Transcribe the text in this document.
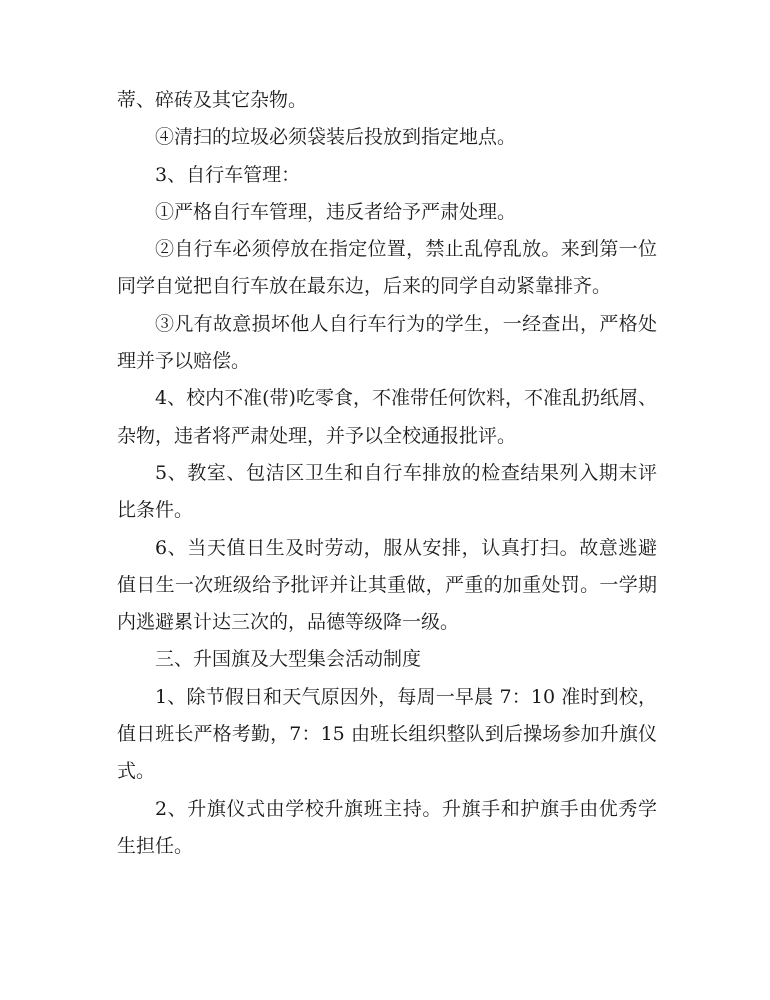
蒂、碎砖及其它杂物。

④清扫的垃圾必须袋装后投放到指定地点。

3、自行车管理：

①严格自行车管理，违反者给予严肃处理。

②自行车必须停放在指定位置，禁止乱停乱放。来到第一位同学自觉把自行车放在最东边，后来的同学自动紧靠排齐。

③凡有故意损坏他人自行车行为的学生，一经查出，严格处理并予以赔偿。

4、校内不准(带)吃零食，不准带任何饮料，不准乱扔纸屑、杂物，违者将严肃处理，并予以全校通报批评。

5、教室、包洁区卫生和自行车排放的检查结果列入期末评比条件。

6、当天值日生及时劳动，服从安排，认真打扫。故意逃避值日生一次班级给予批评并让其重做，严重的加重处罚。一学期内逃避累计达三次的，品德等级降一级。

三、升国旗及大型集会活动制度

1、除节假日和天气原因外，每周一早晨 7：10 准时到校，值日班长严格考勤，7：15 由班长组织整队到后操场参加升旗仪式。

2、升旗仪式由学校升旗班主持。升旗手和护旗手由优秀学生担任。
